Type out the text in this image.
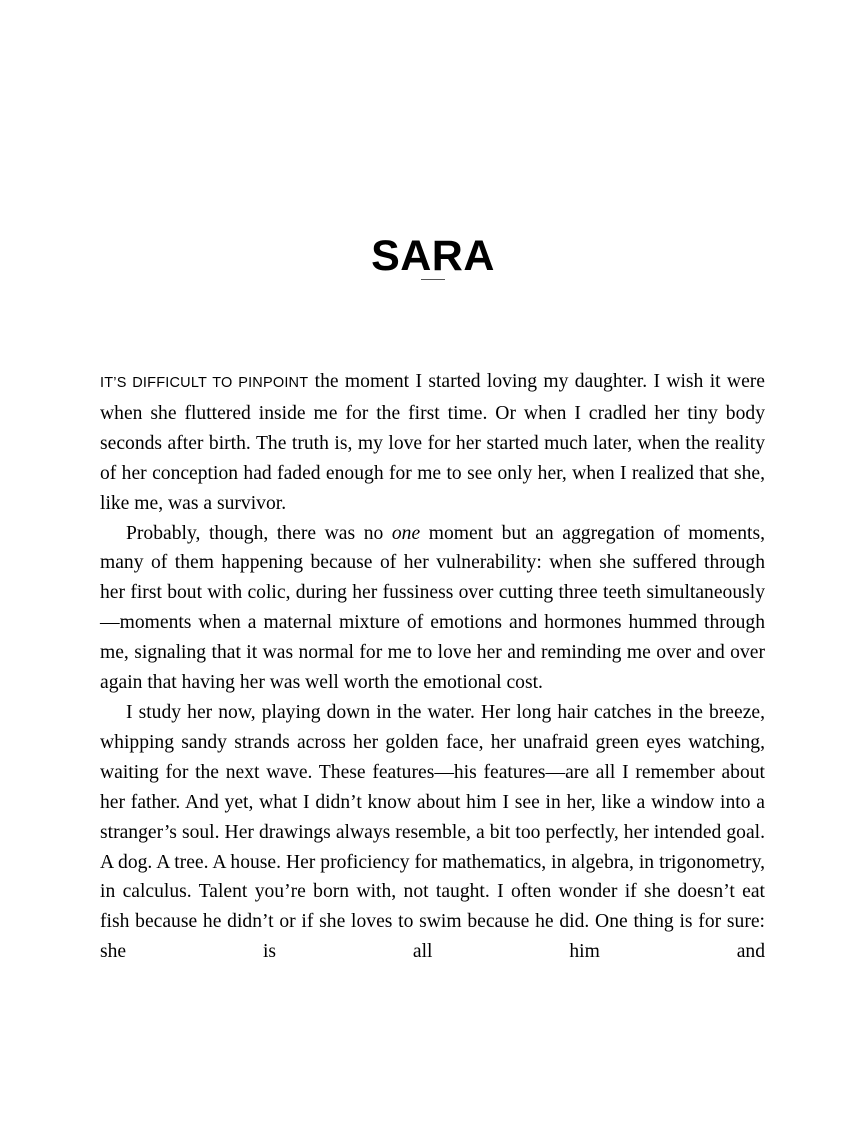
SARA

IT’S DIFFICULT TO PINPOINT the moment I started loving my daughter. I wish it were when she fluttered inside me for the first time. Or when I cradled her tiny body seconds after birth. The truth is, my love for her started much later, when the reality of her conception had faded enough for me to see only her, when I realized that she, like me, was a survivor.

Probably, though, there was no one moment but an aggregation of moments, many of them happening because of her vulnerability: when she suffered through her first bout with colic, during her fussiness over cutting three teeth simultaneously—moments when a maternal mixture of emotions and hormones hummed through me, signaling that it was normal for me to love her and reminding me over and over again that having her was well worth the emotional cost.

I study her now, playing down in the water. Her long hair catches in the breeze, whipping sandy strands across her golden face, her unafraid green eyes watching, waiting for the next wave. These features—his features—are all I remember about her father. And yet, what I didn’t know about him I see in her, like a window into a stranger’s soul. Her drawings always resemble, a bit too perfectly, her intended goal. A dog. A tree. A house. Her proficiency for mathematics, in algebra, in trigonometry, in calculus. Talent you’re born with, not taught. I often wonder if she doesn’t eat fish because he didn’t or if she loves to swim because he did. One thing is for sure: she is all him and
